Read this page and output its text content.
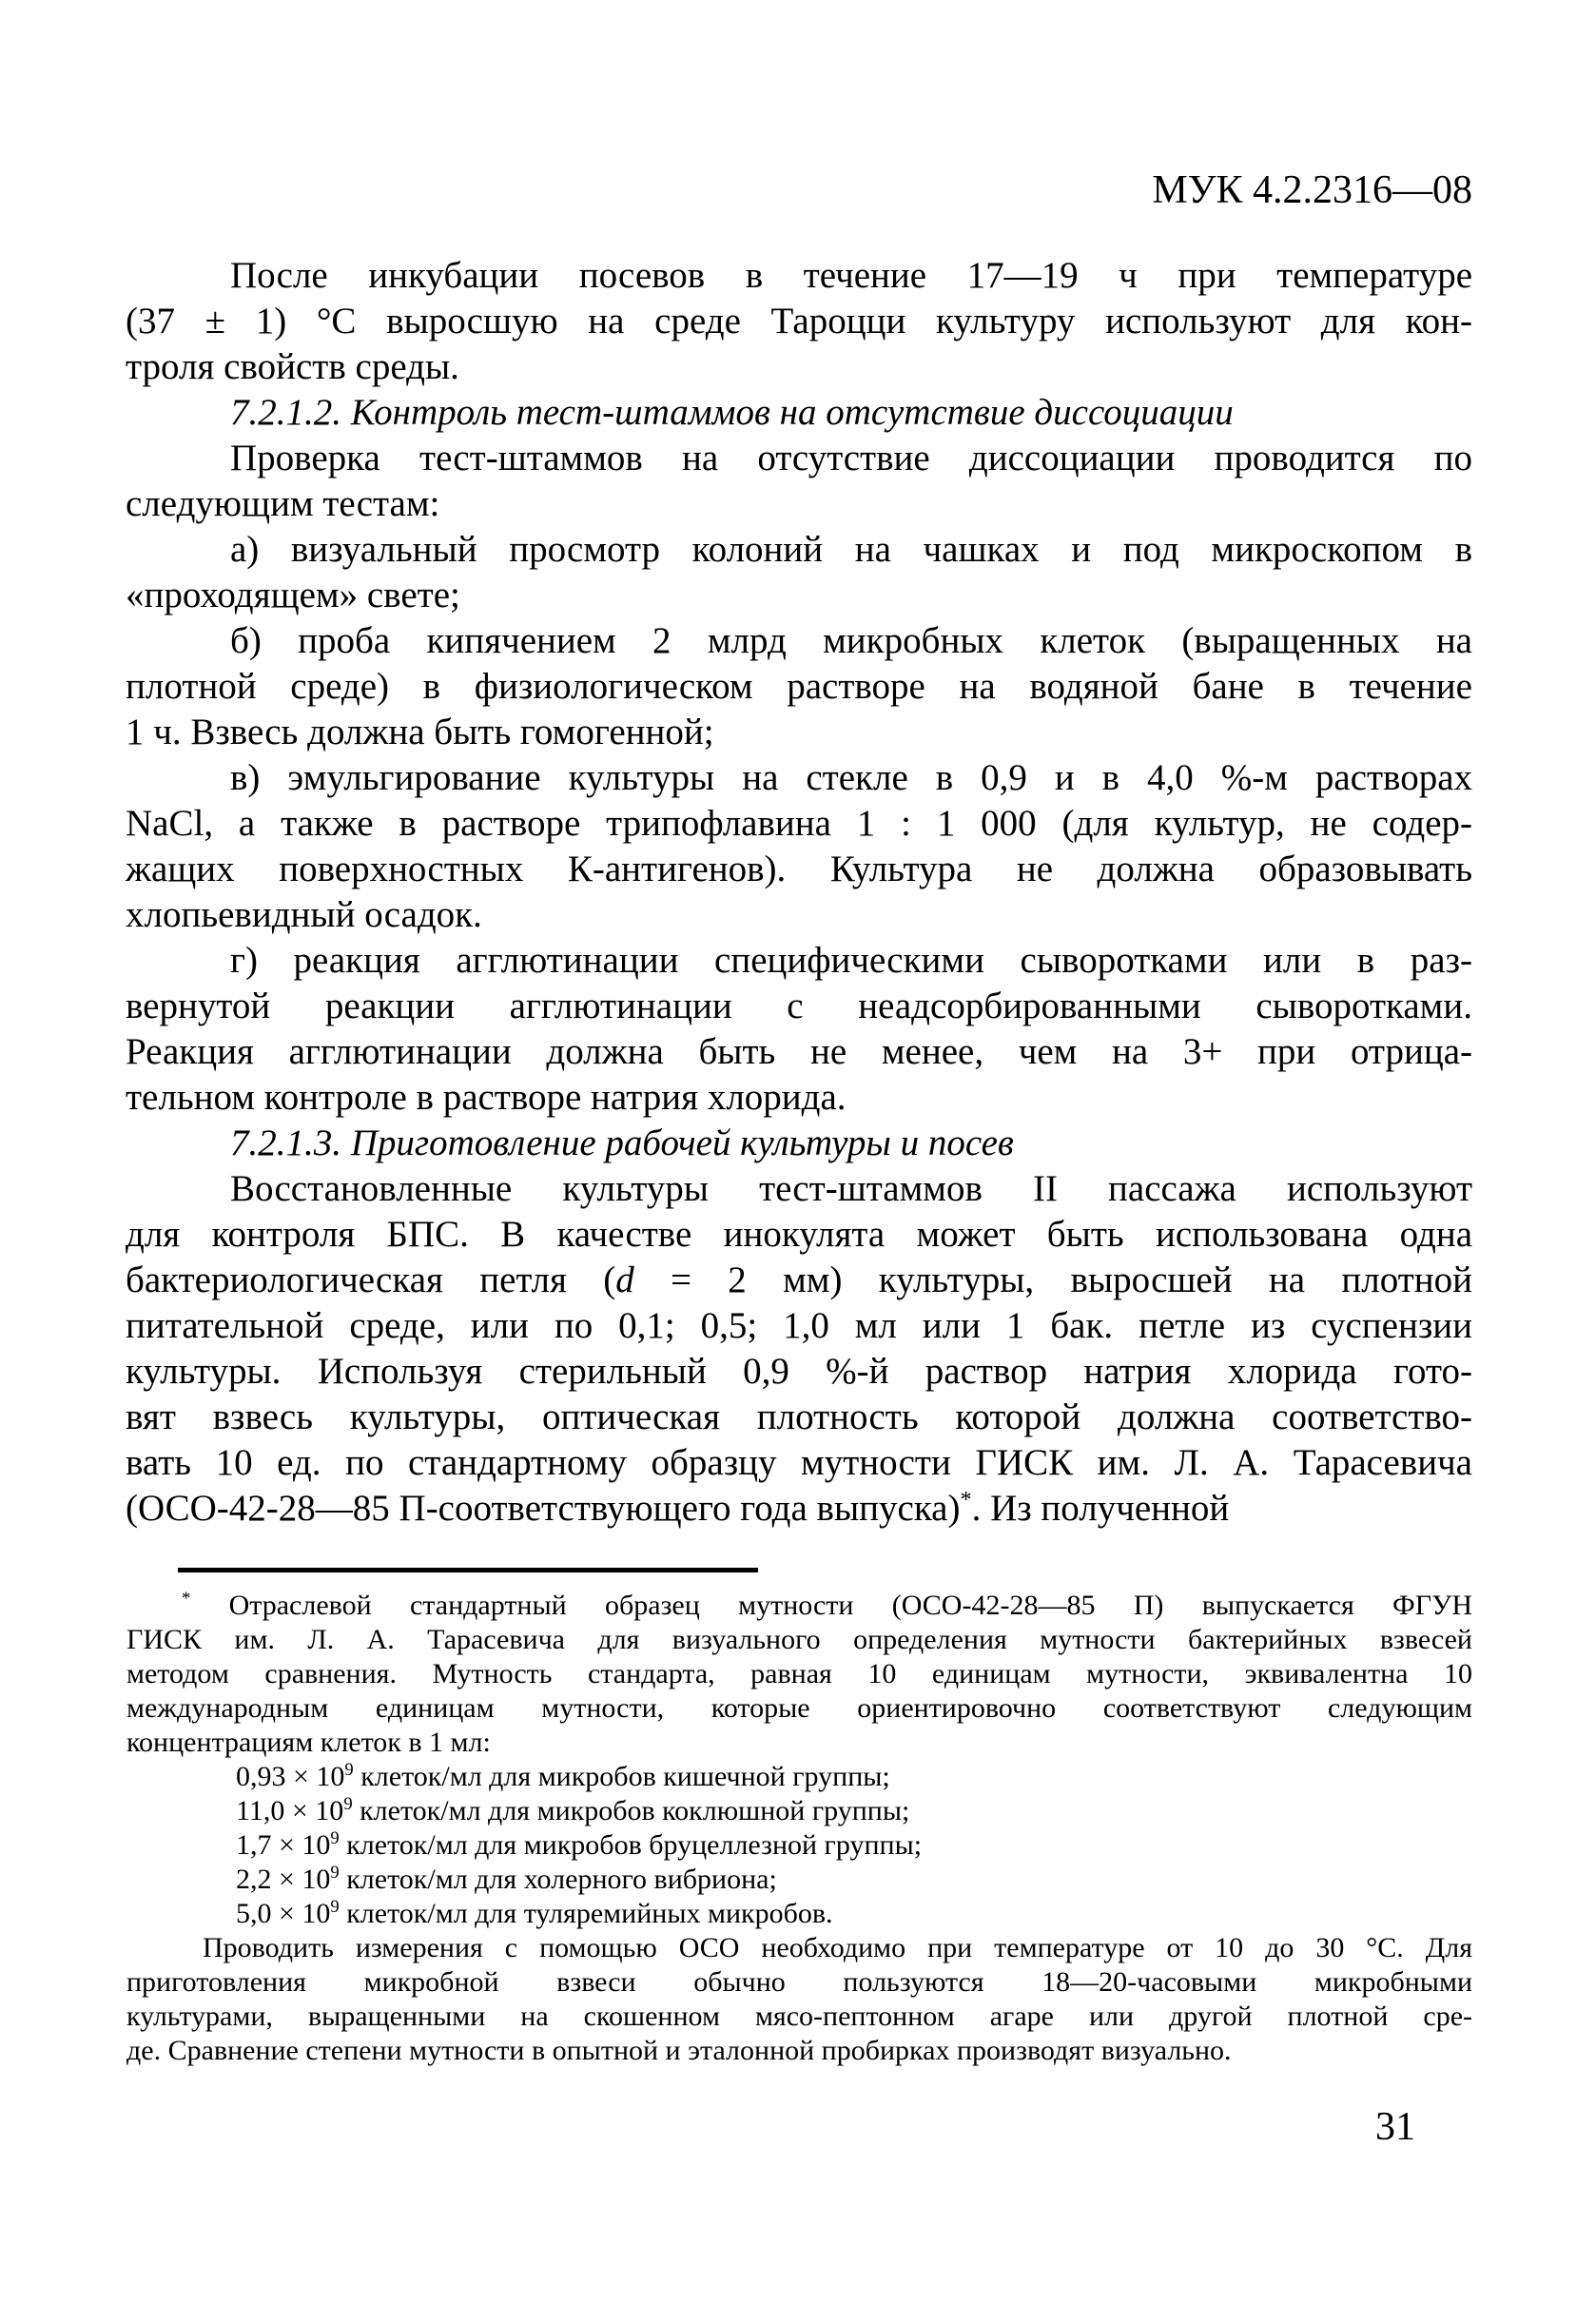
МУК 4.2.2316—08
После инкубации посевов в течение 17—19 ч при температуре
(37 ± 1) °С выросшую на среде Тароцци культуру используют для кон-
троля свойств среды.
7.2.1.2. Контроль тест-штаммов на отсутствие диссоциации
Проверка тест-штаммов на отсутствие диссоциации проводится по
следующим тестам:
а) визуальный просмотр колоний на чашках и под микроскопом в
«проходящем» свете;
б) проба кипячением 2 млрд микробных клеток (выращенных на
плотной среде) в физиологическом растворе на водяной бане в течение
1 ч. Взвесь должна быть гомогенной;
в) эмульгирование культуры на стекле в 0,9 и в 4,0 %-м растворах
NaCl, а также в растворе трипофлавина 1 : 1 000 (для культур, не содер-
жащих поверхностных К-антигенов). Культура не должна образовывать
хлопьевидный осадок.
г) реакция агглютинации специфическими сыворотками или в раз-
вернутой реакции агглютинации с неадсорбированными сыворотками.
Реакция агглютинации должна быть не менее, чем на 3+ при отрица-
тельном контроле в растворе натрия хлорида.
7.2.1.3. Приготовление рабочей культуры и посев
Восстановленные культуры тест-штаммов II пассажа используют
для контроля БПС. В качестве инокулята может быть использована одна
бактериологическая петля (d = 2 мм) культуры, выросшей на плотной
питательной среде, или по 0,1; 0,5; 1,0 мл или 1 бак. петле из суспензии
культуры. Используя стерильный 0,9 %-й раствор натрия хлорида гото-
вят взвесь культуры, оптическая плотность которой должна соответство-
вать 10 ед. по стандартному образцу мутности ГИСК им. Л. А. Тарасевича
(ОСО-42-28—85 П-соответствующего года выпуска)*. Из полученной
* Отраслевой стандартный образец мутности (ОСО-42-28—85 П) выпускается ФГУН
ГИСК им. Л. А. Тарасевича для визуального определения мутности бактерийных взвесей
методом сравнения. Мутность стандарта, равная 10 единицам мутности, эквивалентна 10
международным единицам мутности, которые ориентировочно соответствуют следующим
концентрациям клеток в 1 мл:
$0,93 \times 10^9$ клеток/мл для микробов кишечной группы;
$11,0 \times 10^9$ клеток/мл для микробов коклюшной группы;
$1,7 \times 10^9$ клеток/мл для микробов бруцеллезной группы;
$2,2 \times 10^9$ клеток/мл для холерного вибриона;
$5,0 \times 10^9$ клеток/мл для туляремийных микробов.
Проводить измерения с помощью ОСО необходимо при температуре от 10 до 30 °С. Для
приготовления микробной взвеси обычно пользуются 18—20-часовыми микробными
культурами, выращенными на скошенном мясо-пептонном агаре или другой плотной сре-
де. Сравнение степени мутности в опытной и эталонной пробирках производят визуально.
31
